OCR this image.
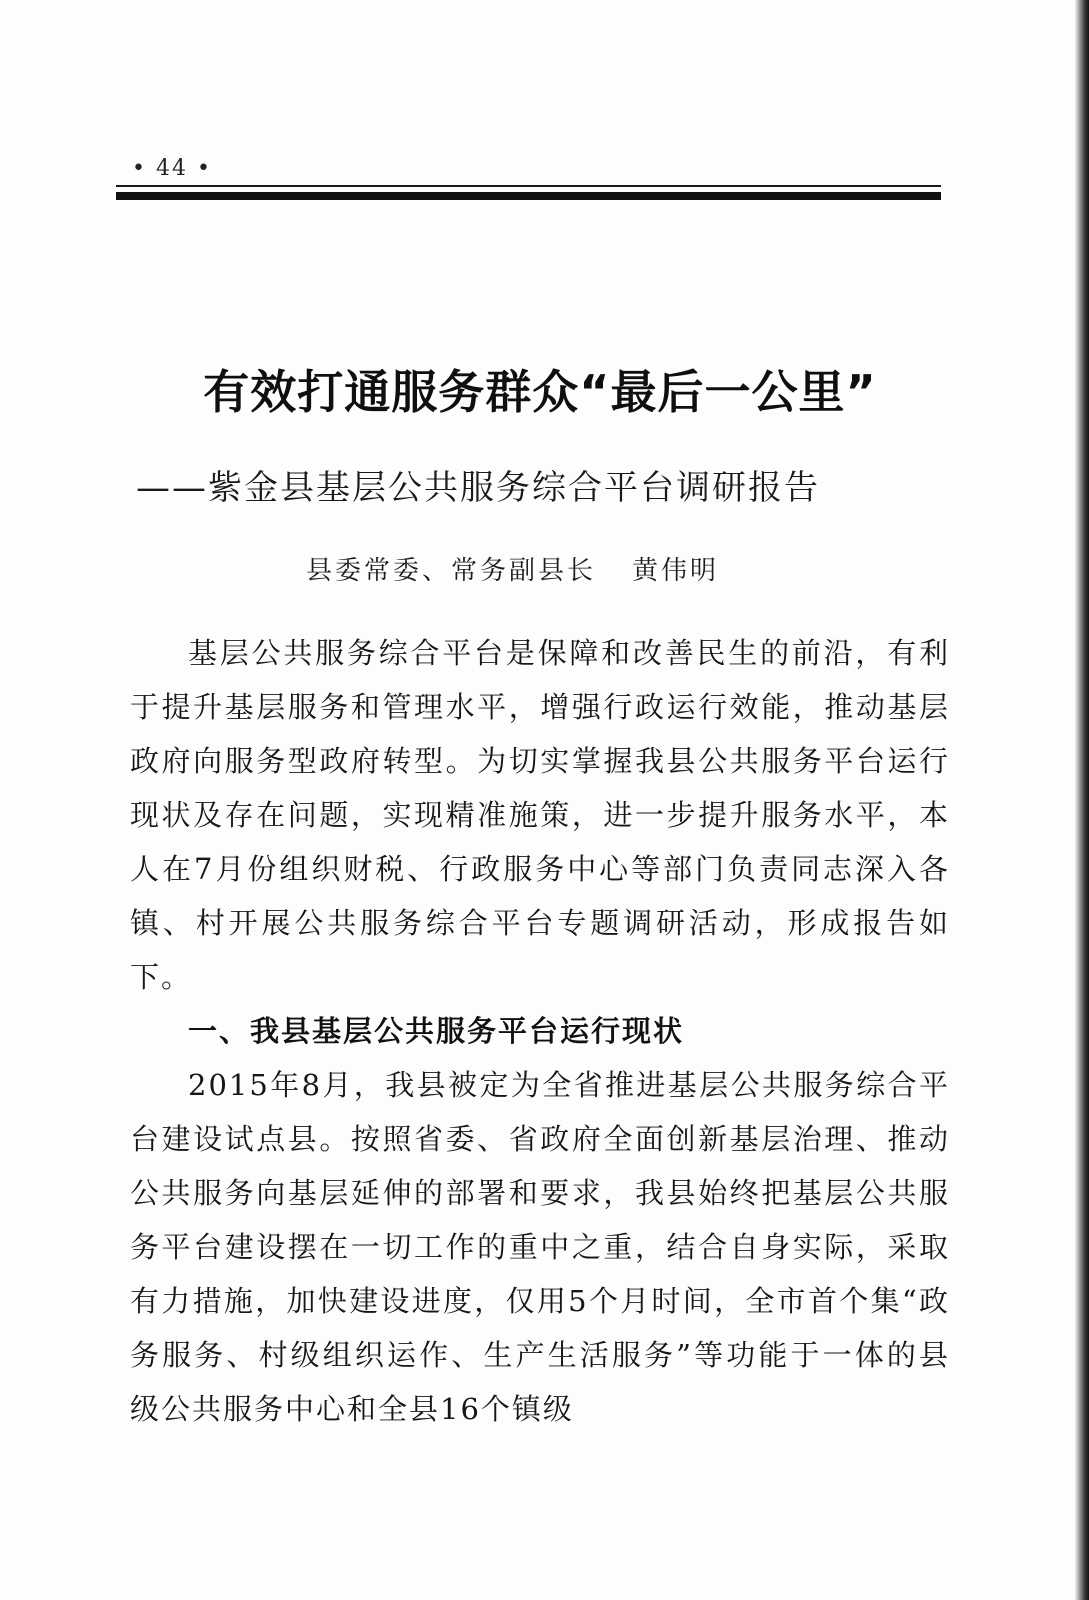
• 44 •
有效打通服务群众“最后一公里”
——紫金县基层公共服务综合平台调研报告
县委常委、常务副县长 黄伟明

基层公共服务综合平台是保障和改善民生的前沿，有利于提升基层服务和管理水平，增强行政运行效能，推动基层政府向服务型政府转型。为切实掌握我县公共服务平台运行现状及存在问题，实现精准施策，进一步提升服务水平，本人在7月份组织财税、行政服务中心等部门负责同志深入各镇、村开展公共服务综合平台专题调研活动，形成报告如下。

一、我县基层公共服务平台运行现状

2015年8月，我县被定为全省推进基层公共服务综合平台建设试点县。按照省委、省政府全面创新基层治理、推动公共服务向基层延伸的部署和要求，我县始终把基层公共服务平台建设摆在一切工作的重中之重，结合自身实际，采取有力措施，加快建设进度，仅用5个月时间，全市首个集“政务服务、村级组织运作、生产生活服务”等功能于一体的县级公共服务中心和全县16个镇级
